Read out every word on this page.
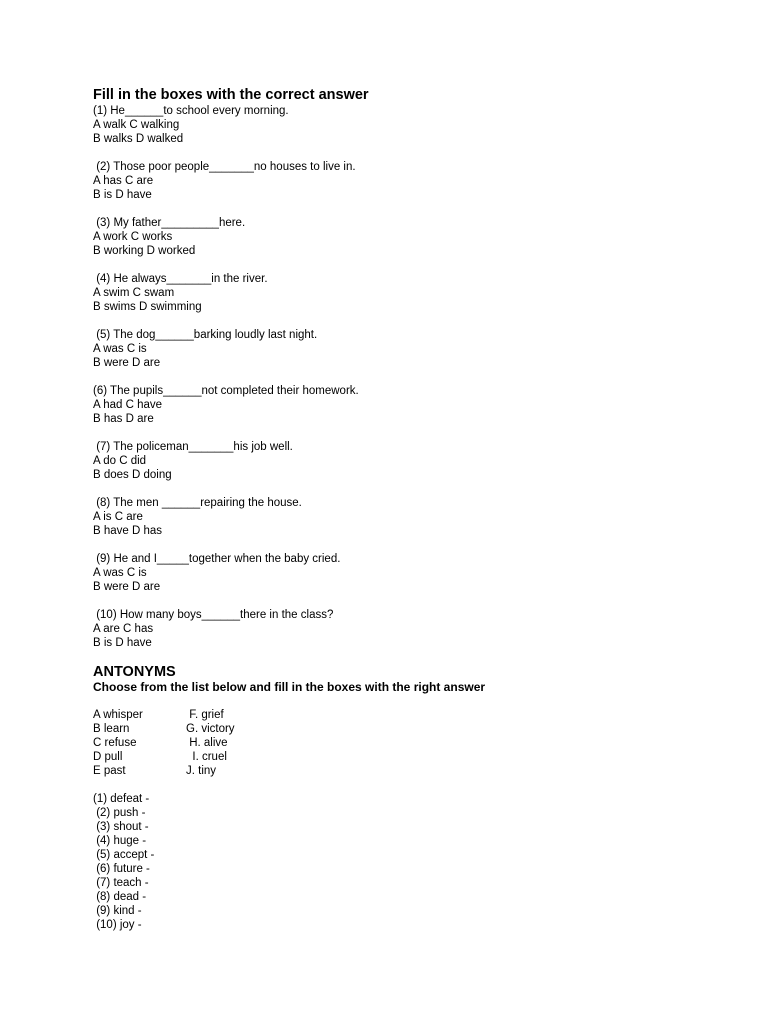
Fill in the boxes with the correct answer
(1) He______to school every morning.
A walk C walking
B walks D walked
(2) Those poor people_______no houses to live in.
A has C are
B is D have
(3) My father_________here.
A work C works
B working D worked
(4) He always_______in the river.
A swim C swam
B swims D swimming
(5) The dog______barking loudly last night.
A was C is
B were D are
(6) The pupils______not completed their homework.
A had C have
B has D are
(7) The policeman_______his job well.
A do C did
B does D doing
(8) The men ______repairing the house.
A is C are
B have D has
(9) He and I_____together when the baby cried.
A was C is
B were D are
(10) How many boys______there in the class?
A are C has
B is D have
ANTONYMS
Choose from the list below and fill in the boxes with the right answer
A whisper	F. grief
B learn	G. victory
C refuse	H. alive
D pull	I. cruel
E past	J. tiny
(1) defeat -
(2) push -
(3) shout -
(4) huge -
(5) accept -
(6) future -
(7) teach -
(8) dead -
(9) kind -
(10) joy -
